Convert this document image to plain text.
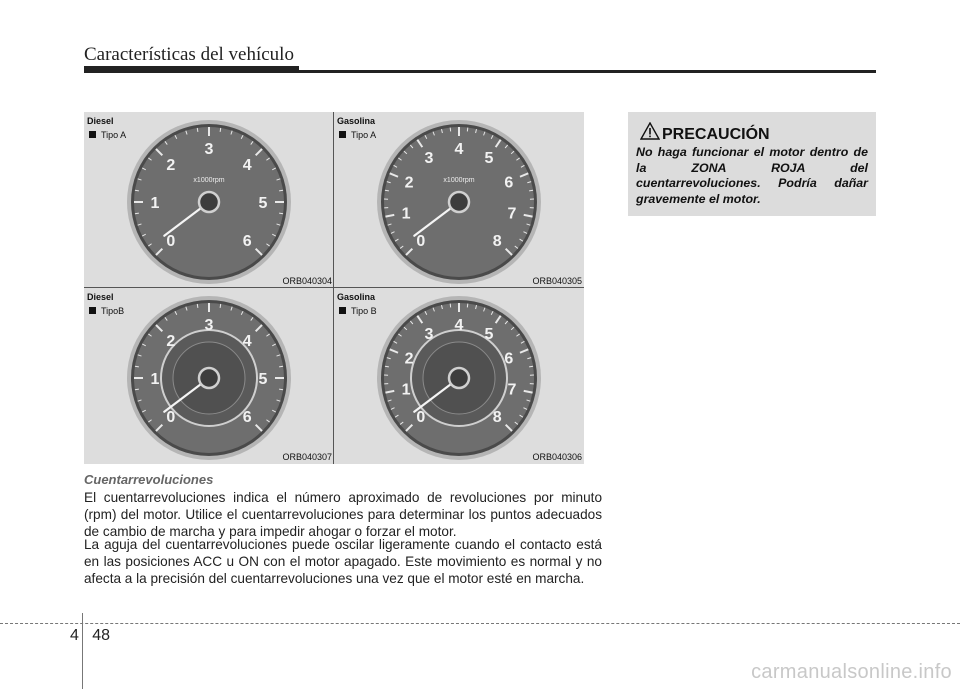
Características del vehículo
0
1
2
3
4
5
6
x1000rpm
Diesel
Tipo A
ORB040304
0
1
2
3
4
5
6
7
8
x1000rpm
Gasolina
Tipo A
ORB040305
0
1
2
3
4
5
6
Diesel
TipoB
ORB040307
0
1
2
3
4
5
6
7
8
Gasolina
Tipo B
ORB040306
Cuentarrevoluciones

El cuentarrevoluciones indica el número aproximado de revoluciones por minuto (rpm) del motor. Utilice el cuentarrevoluciones para determinar los puntos adecuados de cambio de marcha y para impedir ahogar o forzar el motor.

La aguja del cuentarrevoluciones puede oscilar ligeramente cuando el contacto está en las posiciones ACC u ON con el motor apagado. Este movimiento es normal y no afecta a la precisión del cuentarrevoluciones una vez que el motor esté en marcha.

PRECAUCIÓN

No haga funcionar el motor dentro de la ZONA ROJA del cuentarrevoluciones. Podría dañar gravemente el motor.

4 48
carmanualsonline.info
